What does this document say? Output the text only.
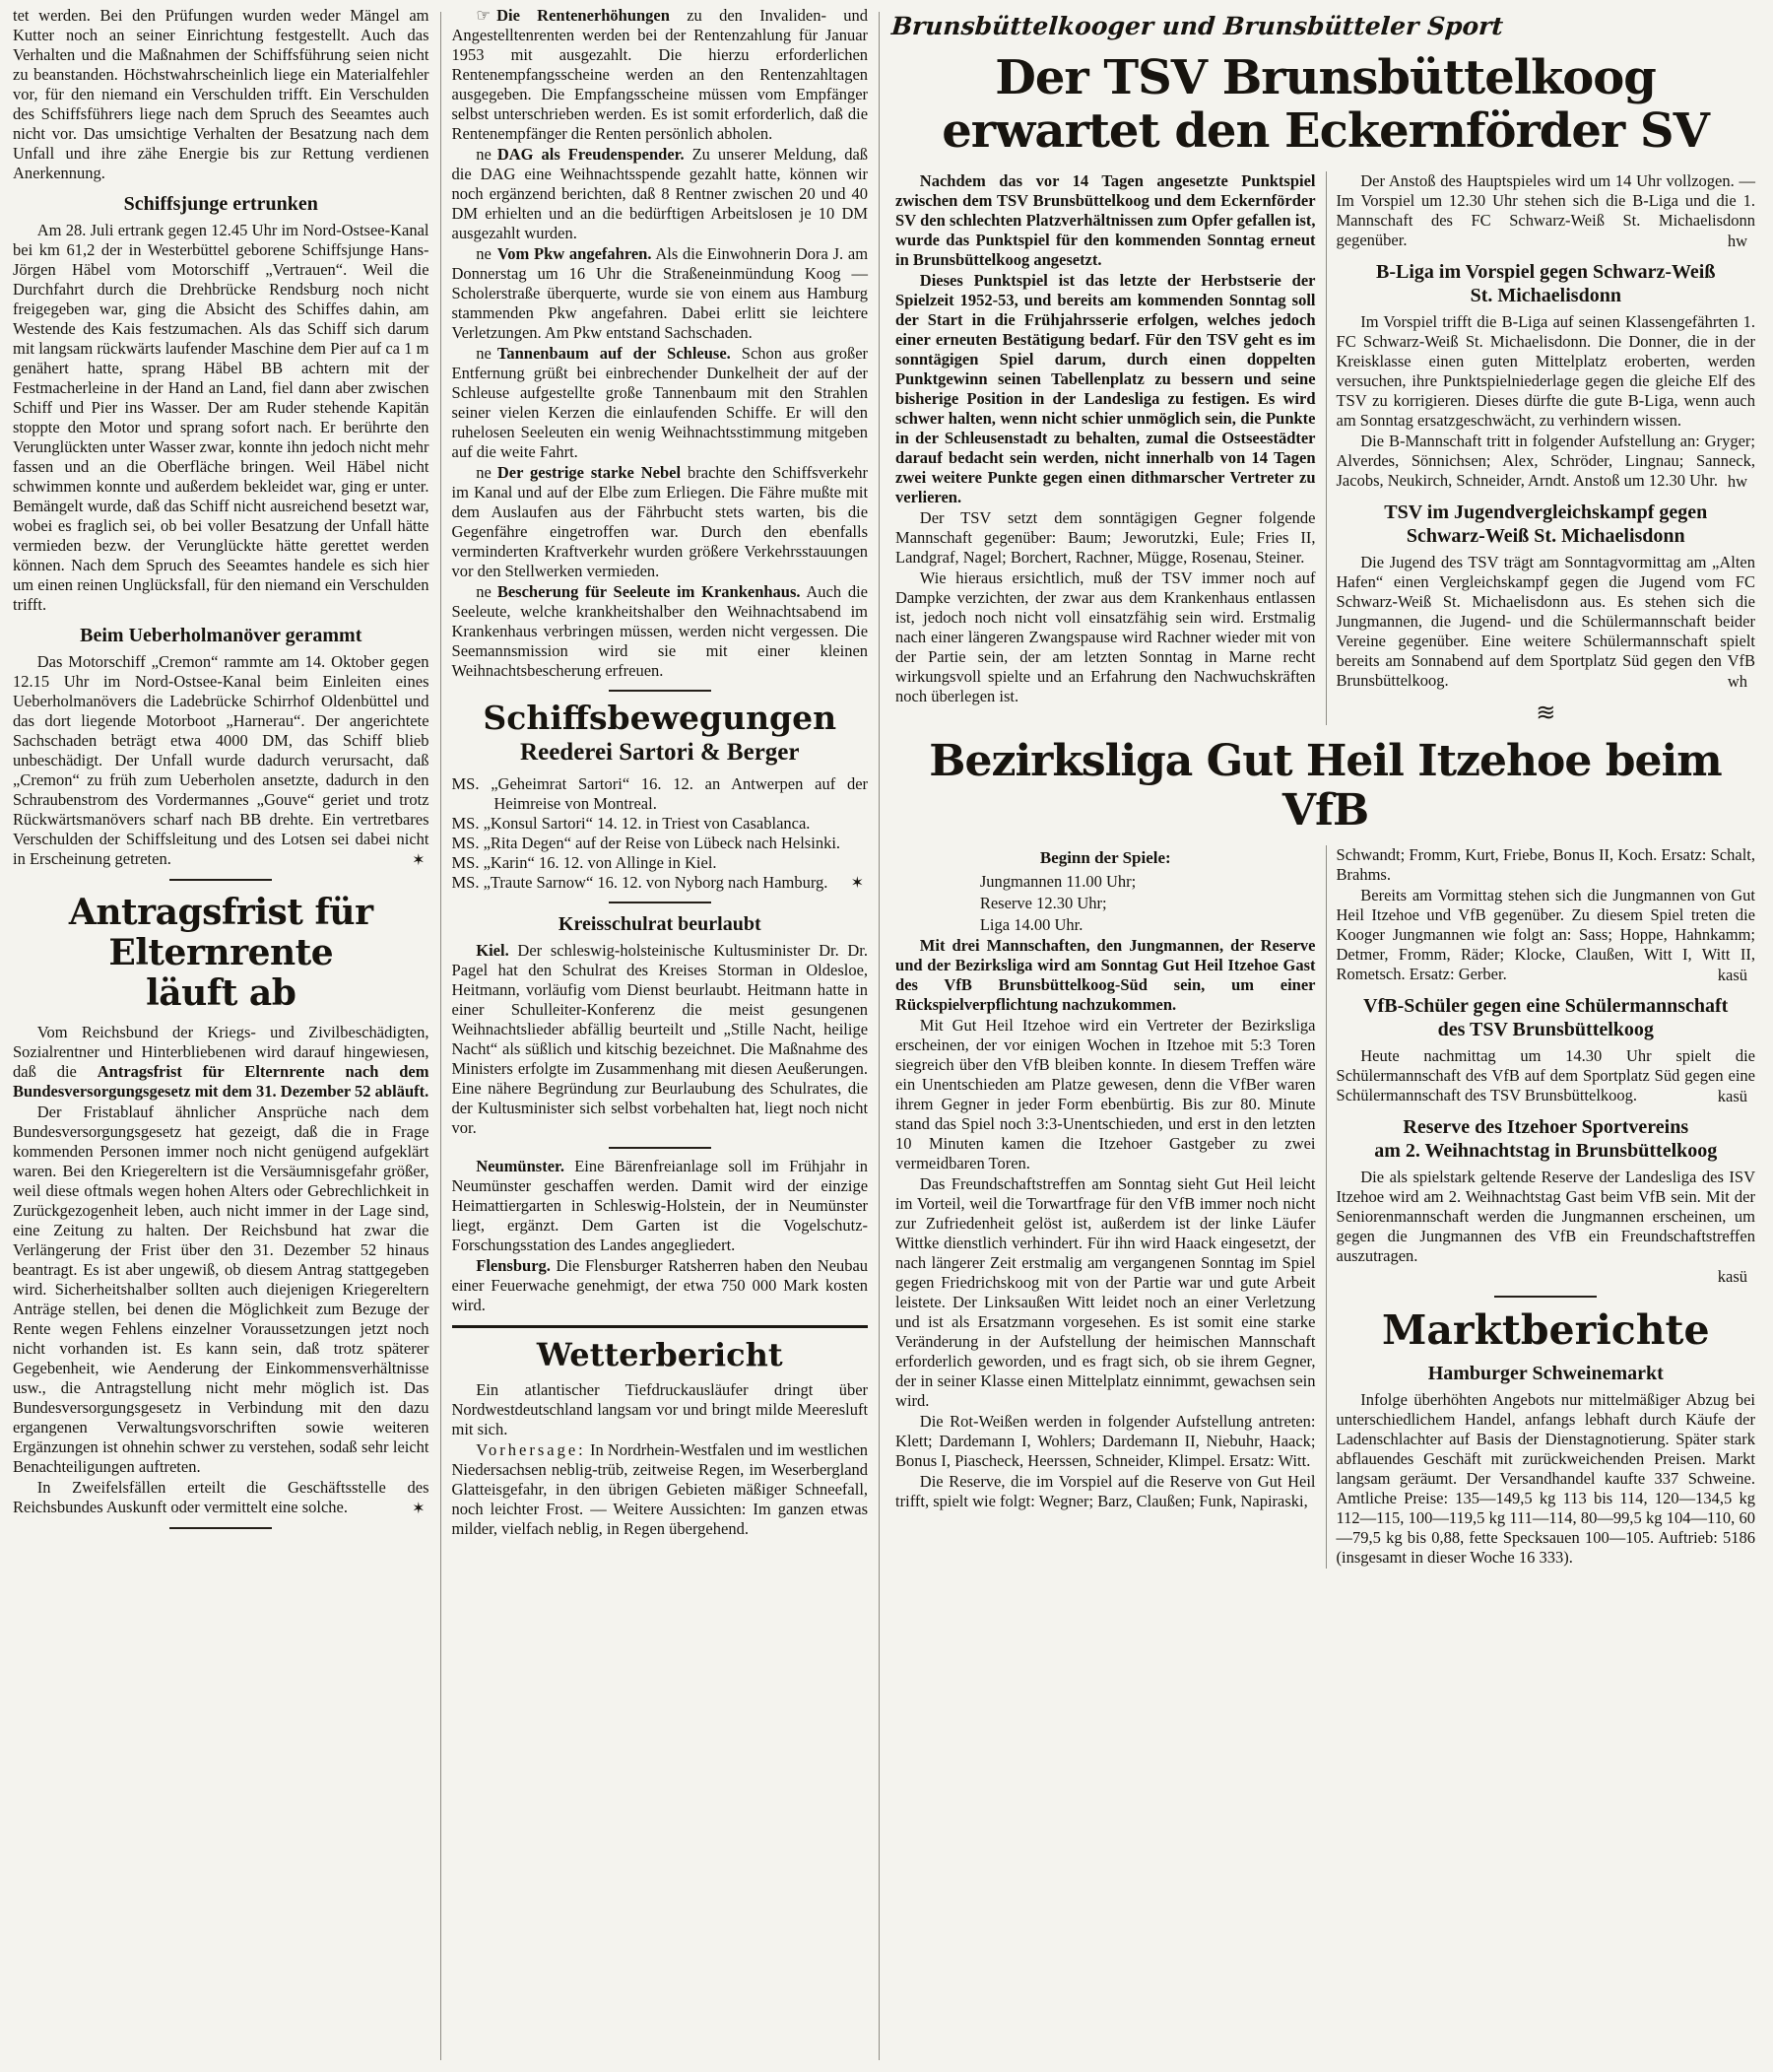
tet werden. Bei den Prüfungen wurden weder Mängel am Kutter noch an seiner Einrichtung festgestellt. Auch das Verhalten und die Maßnahmen der Schiffsführung seien nicht zu beanstanden. Höchstwahrscheinlich liege ein Materialfehler vor, für den niemand ein Verschulden trifft. Ein Verschulden des Schiffsführers liege nach dem Spruch des Seeamtes auch nicht vor. Das umsichtige Verhalten der Besatzung nach dem Unfall und ihre zähe Energie bis zur Rettung verdienen Anerkennung.

Schiffsjunge ertrunken

Am 28. Juli ertrank gegen 12.45 Uhr im Nord-Ostsee-Kanal bei km 61,2 der in Westerbüttel geborene Schiffsjunge Hans-Jörgen Häbel vom Motorschiff „Vertrauen“. Weil die Durchfahrt durch die Drehbrücke Rendsburg noch nicht freigegeben war, ging die Absicht des Schiffes dahin, am Westende des Kais festzumachen. Als das Schiff sich darum mit langsam rückwärts laufender Maschine dem Pier auf ca 1 m genähert hatte, sprang Häbel BB achtern mit der Festmacherleine in der Hand an Land, fiel dann aber zwischen Schiff und Pier ins Wasser. Der am Ruder stehende Kapitän stoppte den Motor und sprang sofort nach. Er berührte den Verunglückten unter Wasser zwar, konnte ihn jedoch nicht mehr fassen und an die Oberfläche bringen. Weil Häbel nicht schwimmen konnte und außerdem bekleidet war, ging er unter. Bemängelt wurde, daß das Schiff nicht ausreichend besetzt war, wobei es fraglich sei, ob bei voller Besatzung der Unfall hätte vermieden bezw. der Verunglückte hätte gerettet werden können. Nach dem Spruch des Seeamtes handele es sich hier um einen reinen Unglücksfall, für den niemand ein Verschulden trifft.

Beim Ueberholmanöver gerammt

Das Motorschiff „Cremon“ rammte am 14. Oktober gegen 12.15 Uhr im Nord-Ostsee-Kanal beim Einleiten eines Ueberholmanövers die Ladebrücke Schirrhof Oldenbüttel und das dort liegende Motorboot „Harnerau“. Der angerichtete Sachschaden beträgt etwa 4000 DM, das Schiff blieb unbeschädigt. Der Unfall wurde dadurch verursacht, daß „Cremon“ zu früh zum Ueberholen ansetzte, dadurch in den Schraubenstrom des Vordermannes „Gouve“ geriet und trotz Rückwärtsmanövers scharf nach BB drehte. Ein vertretbares Verschulden der Schiffsleitung und des Lotsen sei dabei nicht in Erscheinung getreten.	✶
Antragsfrist für Elternrente
läuft ab

Vom Reichsbund der Kriegs- und Zivilbeschädigten, Sozialrentner und Hinterbliebenen wird darauf hingewiesen, daß die Antragsfrist für Elternrente nach dem Bundesversorgungsgesetz mit dem 31. Dezember 52 abläuft.

Der Fristablauf ähnlicher Ansprüche nach dem Bundesversorgungsgesetz hat gezeigt, daß die in Frage kommenden Personen immer noch nicht genügend aufgeklärt waren. Bei den Kriegereltern ist die Versäumnisgefahr größer, weil diese oftmals wegen hohen Alters oder Gebrechlichkeit in Zurückgezogenheit leben, auch nicht immer in der Lage sind, eine Zeitung zu halten. Der Reichsbund hat zwar die Verlängerung der Frist über den 31. Dezember 52 hinaus beantragt. Es ist aber ungewiß, ob diesem Antrag stattgegeben wird. Sicherheitshalber sollten auch diejenigen Kriegereltern Anträge stellen, bei denen die Möglichkeit zum Bezuge der Rente wegen Fehlens einzelner Voraussetzungen jetzt noch nicht vorhanden ist. Es kann sein, daß trotz späterer Gegebenheit, wie Aenderung der Einkommensverhältnisse usw., die Antragstellung nicht mehr möglich ist. Das Bundesversorgungsgesetz in Verbindung mit den dazu ergangenen Verwaltungsvorschriften sowie weiteren Ergänzungen ist ohnehin schwer zu verstehen, sodaß sehr leicht Benachteiligungen auftreten.

In Zweifelsfällen erteilt die Geschäftsstelle des Reichsbundes Auskunft oder vermittelt eine solche.	✶

☞ Die Rentenerhöhungen zu den Invaliden- und Angestelltenrenten werden bei der Rentenzahlung für Januar 1953 mit ausgezahlt. Die hierzu erforderlichen Rentenempfangsscheine werden an den Rentenzahltagen ausgegeben. Die Empfangsscheine müssen vom Empfänger selbst unterschrieben werden. Es ist somit erforderlich, daß die Rentenempfänger die Renten persönlich abholen.

ne DAG als Freudenspender. Zu unserer Meldung, daß die DAG eine Weihnachtsspende gezahlt hatte, können wir noch ergänzend berichten, daß 8 Rentner zwischen 20 und 40 DM erhielten und an die bedürftigen Arbeitslosen je 10 DM ausgezahlt wurden.

ne Vom Pkw angefahren. Als die Einwohnerin Dora J. am Donnerstag um 16 Uhr die Straßeneinmündung Koog — Scholerstraße überquerte, wurde sie von einem aus Hamburg stammenden Pkw angefahren. Dabei erlitt sie leichtere Verletzungen. Am Pkw entstand Sachschaden.

ne Tannenbaum auf der Schleuse. Schon aus großer Entfernung grüßt bei einbrechender Dunkelheit der auf der Schleuse aufgestellte große Tannenbaum mit den Strahlen seiner vielen Kerzen die einlaufenden Schiffe. Er will den ruhelosen Seeleuten ein wenig Weihnachtsstimmung mitgeben auf die weite Fahrt.

ne Der gestrige starke Nebel brachte den Schiffsverkehr im Kanal und auf der Elbe zum Erliegen. Die Fähre mußte mit dem Auslaufen aus der Fährbucht stets warten, bis die Gegenfähre eingetroffen war. Durch den ebenfalls verminderten Kraftverkehr wurden größere Verkehrsstauungen vor den Stellwerken vermieden.

ne Bescherung für Seeleute im Krankenhaus. Auch die Seeleute, welche krankheitshalber den Weihnachtsabend im Krankenhaus verbringen müssen, werden nicht vergessen. Die Seemannsmission wird sie mit einer kleinen Weihnachtsbescherung erfreuen.

Schiffsbewegungen
Reederei Sartori & Berger

MS. „Geheimrat Sartori“ 16. 12. an Antwerpen auf der Heimreise von Montreal.

MS. „Konsul Sartori“ 14. 12. in Triest von Casablanca.

MS. „Rita Degen“ auf der Reise von Lübeck nach Helsinki.

MS. „Karin“ 16. 12. von Allinge in Kiel.

MS. „Traute Sarnow“ 16. 12. von Nyborg nach Hamburg.	✶
Kreisschulrat beurlaubt

Kiel. Der schleswig-holsteinische Kultusminister Dr. Dr. Pagel hat den Schulrat des Kreises Storman in Oldesloe, Heitmann, vorläufig vom Dienst beurlaubt. Heitmann hatte in einer Schulleiter-Konferenz die meist gesungenen Weihnachtslieder abfällig beurteilt und „Stille Nacht, heilige Nacht“ als süßlich und kitschig bezeichnet. Die Maßnahme des Ministers erfolgte im Zusammenhang mit diesen Aeußerungen. Eine nähere Begründung zur Beurlaubung des Schulrates, die der Kultusminister sich selbst vorbehalten hat, liegt noch nicht vor.

Neumünster. Eine Bärenfreianlage soll im Frühjahr in Neumünster geschaffen werden. Damit wird der einzige Heimattiergarten in Schleswig-Holstein, der in Neumünster liegt, ergänzt. Dem Garten ist die Vogelschutz-Forschungsstation des Landes angegliedert.

Flensburg. Die Flensburger Ratsherren haben den Neubau einer Feuerwache genehmigt, der etwa 750 000 Mark kosten wird.

Wetterbericht

Ein atlantischer Tiefdruckausläufer dringt über Nordwestdeutschland langsam vor und bringt milde Meeresluft mit sich.

Vorhersage: In Nordrhein-Westfalen und im westlichen Niedersachsen neblig-trüb, zeitweise Regen, im Weserbergland Glatteisgefahr, in den übrigen Gebieten mäßiger Schneefall, noch leichter Frost. — Weitere Aussichten: Im ganzen etwas milder, vielfach neblig, in Regen übergehend.

Brunsbüttelkooger und Brunsbütteler Sport
Der TSV Brunsbüttelkoog
erwartet den Eckernförder SV

Nachdem das vor 14 Tagen angesetzte Punktspiel zwischen dem TSV Brunsbüttelkoog und dem Eckernförder SV den schlechten Platzverhältnissen zum Opfer gefallen ist, wurde das Punktspiel für den kommenden Sonntag erneut in Brunsbüttelkoog angesetzt.

Dieses Punktspiel ist das letzte der Herbstserie der Spielzeit 1952-53, und bereits am kommenden Sonntag soll der Start in die Frühjahrsserie erfolgen, welches jedoch einer erneuten Bestätigung bedarf. Für den TSV geht es im sonntägigen Spiel darum, durch einen doppelten Punktgewinn seinen Tabellenplatz zu bessern und seine bisherige Position in der Landesliga zu festigen. Es wird schwer halten, wenn nicht schier unmöglich sein, die Punkte in der Schleusenstadt zu behalten, zumal die Ostseestädter darauf bedacht sein werden, nicht innerhalb von 14 Tagen zwei weitere Punkte gegen einen dithmarscher Vertreter zu verlieren.

Der TSV setzt dem sonntägigen Gegner folgende Mannschaft gegenüber: Baum; Jeworutzki, Eule; Fries II, Landgraf, Nagel; Borchert, Rachner, Mügge, Rosenau, Steiner.

Wie hieraus ersichtlich, muß der TSV immer noch auf Dampke verzichten, der zwar aus dem Krankenhaus entlassen ist, jedoch noch nicht voll einsatzfähig sein wird. Erstmalig nach einer längeren Zwangspause wird Rachner wieder mit von der Partie sein, der am letzten Sonntag in Marne recht wirkungsvoll spielte und an Erfahrung den Nachwuchskräften noch überlegen ist.

Der Anstoß des Hauptspieles wird um 14 Uhr vollzogen. — Im Vorspiel um 12.30 Uhr stehen sich die B-Liga und die 1. Mannschaft des FC Schwarz-Weiß St. Michaelisdonn gegenüber.	hw
B-Liga im Vorspiel gegen Schwarz-Weiß
St. Michaelisdonn

Im Vorspiel trifft die B-Liga auf seinen Klassengefährten 1. FC Schwarz-Weiß St. Michaelisdonn. Die Donner, die in der Kreisklasse einen guten Mittelplatz eroberten, werden versuchen, ihre Punktspielniederlage gegen die gleiche Elf des TSV zu korrigieren. Dieses dürfte die gute B-Liga, wenn auch am Sonntag ersatzgeschwächt, zu verhindern wissen.

Die B-Mannschaft tritt in folgender Aufstellung an: Gryger; Alverdes, Sönnichsen; Alex, Schröder, Lingnau; Sanneck, Jacobs, Neukirch, Schneider, Arndt. Anstoß um 12.30 Uhr. hw
TSV im Jugendvergleichskampf gegen
Schwarz-Weiß St. Michaelisdonn

Die Jugend des TSV trägt am Sonntagvormittag am „Alten Hafen“ einen Vergleichskampf gegen die Jugend vom FC Schwarz-Weiß St. Michaelisdonn aus. Es stehen sich die Jungmannen, die Jugend- und die Schülermannschaft beider Vereine gegenüber. Eine weitere Schülermannschaft spielt bereits am Sonnabend auf dem Sportplatz Süd gegen den VfB Brunsbüttelkoog.	wh
≋
Bezirksliga Gut Heil Itzehoe beim VfB
Beginn der Spiele:

Jungmannen 11.00 Uhr;

Reserve 12.30 Uhr;

Liga 14.00 Uhr.

Mit drei Mannschaften, den Jungmannen, der Reserve und der Bezirksliga wird am Sonntag Gut Heil Itzehoe Gast des VfB Brunsbüttelkoog-Süd sein, um einer Rückspielverpflichtung nachzukommen.

Mit Gut Heil Itzehoe wird ein Vertreter der Bezirksliga erscheinen, der vor einigen Wochen in Itzehoe mit 5:3 Toren siegreich über den VfB bleiben konnte. In diesem Treffen wäre ein Unentschieden am Platze gewesen, denn die VfBer waren ihrem Gegner in jeder Form ebenbürtig. Bis zur 80. Minute stand das Spiel noch 3:3-Unentschieden, und erst in den letzten 10 Minuten kamen die Itzehoer Gastgeber zu zwei vermeidbaren Toren.

Das Freundschaftstreffen am Sonntag sieht Gut Heil leicht im Vorteil, weil die Torwartfrage für den VfB immer noch nicht zur Zufriedenheit gelöst ist, außerdem ist der linke Läufer Wittke dienstlich verhindert. Für ihn wird Haack eingesetzt, der nach längerer Zeit erstmalig am vergangenen Sonntag im Spiel gegen Friedrichskoog mit von der Partie war und gute Arbeit leistete. Der Linksaußen Witt leidet noch an einer Verletzung und ist als Ersatzmann vorgesehen. Es ist somit eine starke Veränderung in der Aufstellung der heimischen Mannschaft erforderlich geworden, und es fragt sich, ob sie ihrem Gegner, der in seiner Klasse einen Mittelplatz einnimmt, gewachsen sein wird.

Die Rot-Weißen werden in folgender Aufstellung antreten: Klett; Dardemann I, Wohlers; Dardemann II, Niebuhr, Haack; Bonus I, Piascheck, Heerssen, Schneider, Klimpel. Ersatz: Witt.

Die Reserve, die im Vorspiel auf die Reserve von Gut Heil trifft, spielt wie folgt: Wegner; Barz, Claußen; Funk, Napiraski,

Schwandt; Fromm, Kurt, Friebe, Bonus II, Koch. Ersatz: Schalt, Brahms.

Bereits am Vormittag stehen sich die Jungmannen von Gut Heil Itzehoe und VfB gegenüber. Zu diesem Spiel treten die Kooger Jungmannen wie folgt an: Sass; Hoppe, Hahnkamm; Detmer, Fromm, Räder; Klocke, Claußen, Witt I, Witt II, Rometsch. Ersatz: Gerber.	kasü
VfB-Schüler gegen eine Schülermannschaft
des TSV Brunsbüttelkoog

Heute nachmittag um 14.30 Uhr spielt die Schülermannschaft des VfB auf dem Sportplatz Süd gegen eine Schülermannschaft des TSV Brunsbüttelkoog.	kasü
Reserve des Itzehoer Sportvereins
am 2. Weihnachtstag in Brunsbüttelkoog

Die als spielstark geltende Reserve der Landesliga des ISV Itzehoe wird am 2. Weihnachtstag Gast beim VfB sein. Mit der Seniorenmannschaft werden die Jungmannen erscheinen, um gegen die Jungmannen des VfB ein Freundschaftstreffen auszutragen.

kasü
Marktberichte
Hamburger Schweinemarkt

Infolge überhöhten Angebots nur mittelmäßiger Abzug bei unterschiedlichem Handel, anfangs lebhaft durch Käufe der Ladenschlachter auf Basis der Dienstagnotierung. Später stark abflauendes Geschäft mit zurückweichenden Preisen. Markt langsam geräumt. Der Versandhandel kaufte 337 Schweine. Amtliche Preise: 135—149,5 kg 113 bis 114, 120—134,5 kg 112—115, 100—119,5 kg 111—114, 80—99,5 kg 104—110, 60—79,5 kg bis 0,88, fette Specksauen 100—105. Auftrieb: 5186 (insgesamt in dieser Woche 16 333).
